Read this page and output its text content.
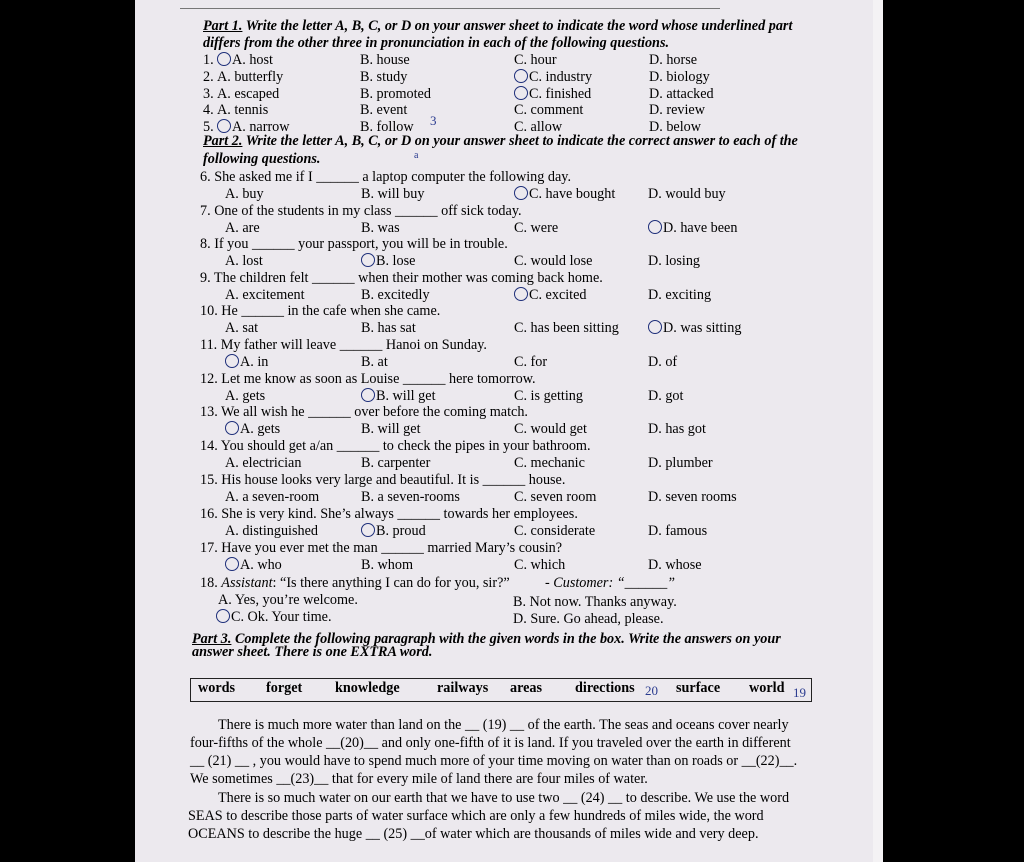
Part 1. Write the letter A, B, C, or D on your answer sheet to indicate the word whose underlined part
differs from the other three in pronunciation in each of the following questions.
1.	A. host	B. house	C. hour	D. horse
2. A. butterfly	B. study	C. industry	D. biology
3. A. escaped	B. promoted	C. finished	D. attacked
4. A. tennis	B. event	C. comment	D. review
5.	A. narrow	B. follow	C. allow	D. below
Part 2. Write the letter A, B, C, or D on your answer sheet to indicate the correct answer to each of the
following questions.
6. She asked me if I ______ a laptop computer the following day.
A. buy	B. will buy	C. have bought D. would buy
7. One of the students in my class ______ off sick today.
A. are	B. was	C. were	D. have been
8. If you ______ your passport, you will be in trouble.
A. lost	B. lose	C. would lose	D. losing
9. The children felt ______ when their mother was coming back home.
A. excitement	B. excitedly	C. excited	D. exciting
10. He ______ in the cafe when she came.
A. sat	B. has sat	C. has been sitting	D. was sitting
11. My father will leave ______ Hanoi on Sunday.
A. in	B. at	C. for	D. of
12. Let me know as soon as Louise ______ here tomorrow.
A. gets	B. will get	C. is getting	D. got
13. We all wish he ______ over before the coming match.
A. gets	B. will get	C. would get	D. has got
14. You should get a/an ______ to check the pipes in your bathroom.
A. electrician	B. carpenter	C. mechanic	D. plumber
15. His house looks very large and beautiful. It is ______ house.
A. a seven-room	B. a seven-rooms	C. seven room	D. seven rooms
16. She is very kind. She’s always ______ towards her employees.
A. distinguished	B. proud	C. considerate	D. famous
17. Have you ever met the man ______ married Mary’s cousin?
A. who	B. whom	C. which	D. whose
18. Assistant: “Is there anything I can do for you, sir?” - Customer: “______”
A. Yes, you’re welcome.	B. Not now. Thanks anyway.
C. Ok. Your time.	D. Sure. Go ahead, please.
Part 3. Complete the following paragraph with the given words in the box. Write the answers on your
answer sheet. There is one EXTRA word.
words forget knowledge	railways areas directions	surface world
20	19
There is much more water than land on the __ (19) __ of the earth. The seas and oceans cover nearly
four-fifths of the whole __(20)__ and only one-fifth of it is land. If you traveled over the earth in different
__ (21) __ , you would have to spend much more of your time moving on water than on roads or __(22)__.
We sometimes __(23)__ that for every mile of land there are four miles of water.
There is so much water on our earth that we have to use two __ (24) __ to describe. We use the word
SEAS to describe those parts of water surface which are only a few hundreds of miles wide, the word
OCEANS to describe the huge __ (25) __of water which are thousands of miles wide and very deep.
3
a
